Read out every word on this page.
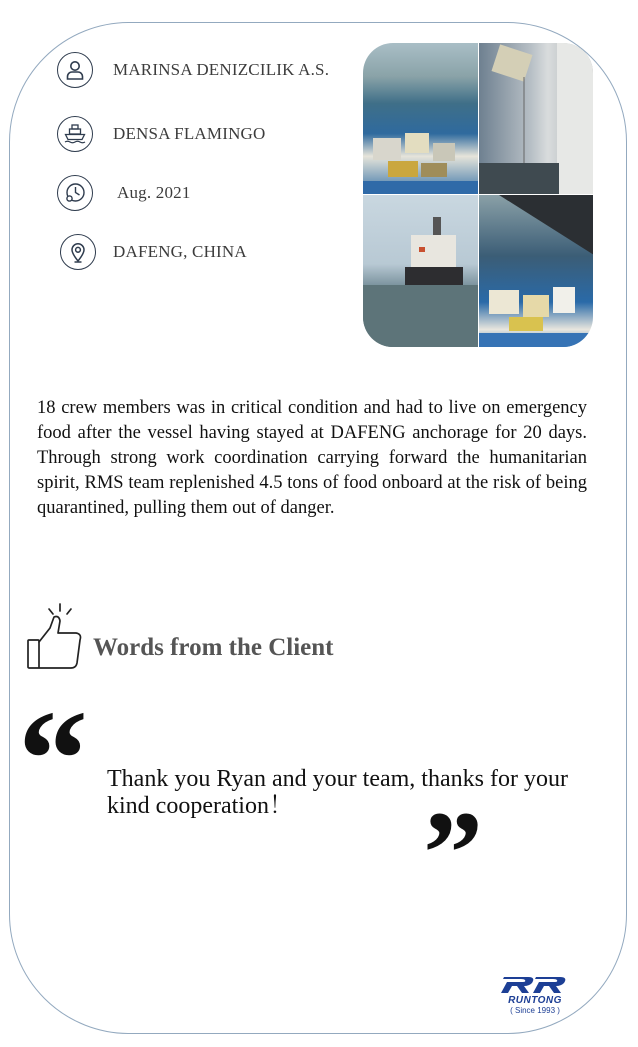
MARINSA DENIZCILIK A.S.
DENSA FLAMINGO
Aug. 2021
DAFENG, CHINA

18 crew members was in critical condition and had to live on emergency food after the vessel having stayed at DAFENG anchorage for 20 days. Through strong work coordination carrying forward the humanitarian spirit, RMS team replenished 4.5 tons of food onboard at the risk of being quarantined, pulling them out of danger.

Words from the Client
“ Thank you Ryan and your team, thanks for your kind cooperation！	”
RUNTONG
( Since 1993 )
